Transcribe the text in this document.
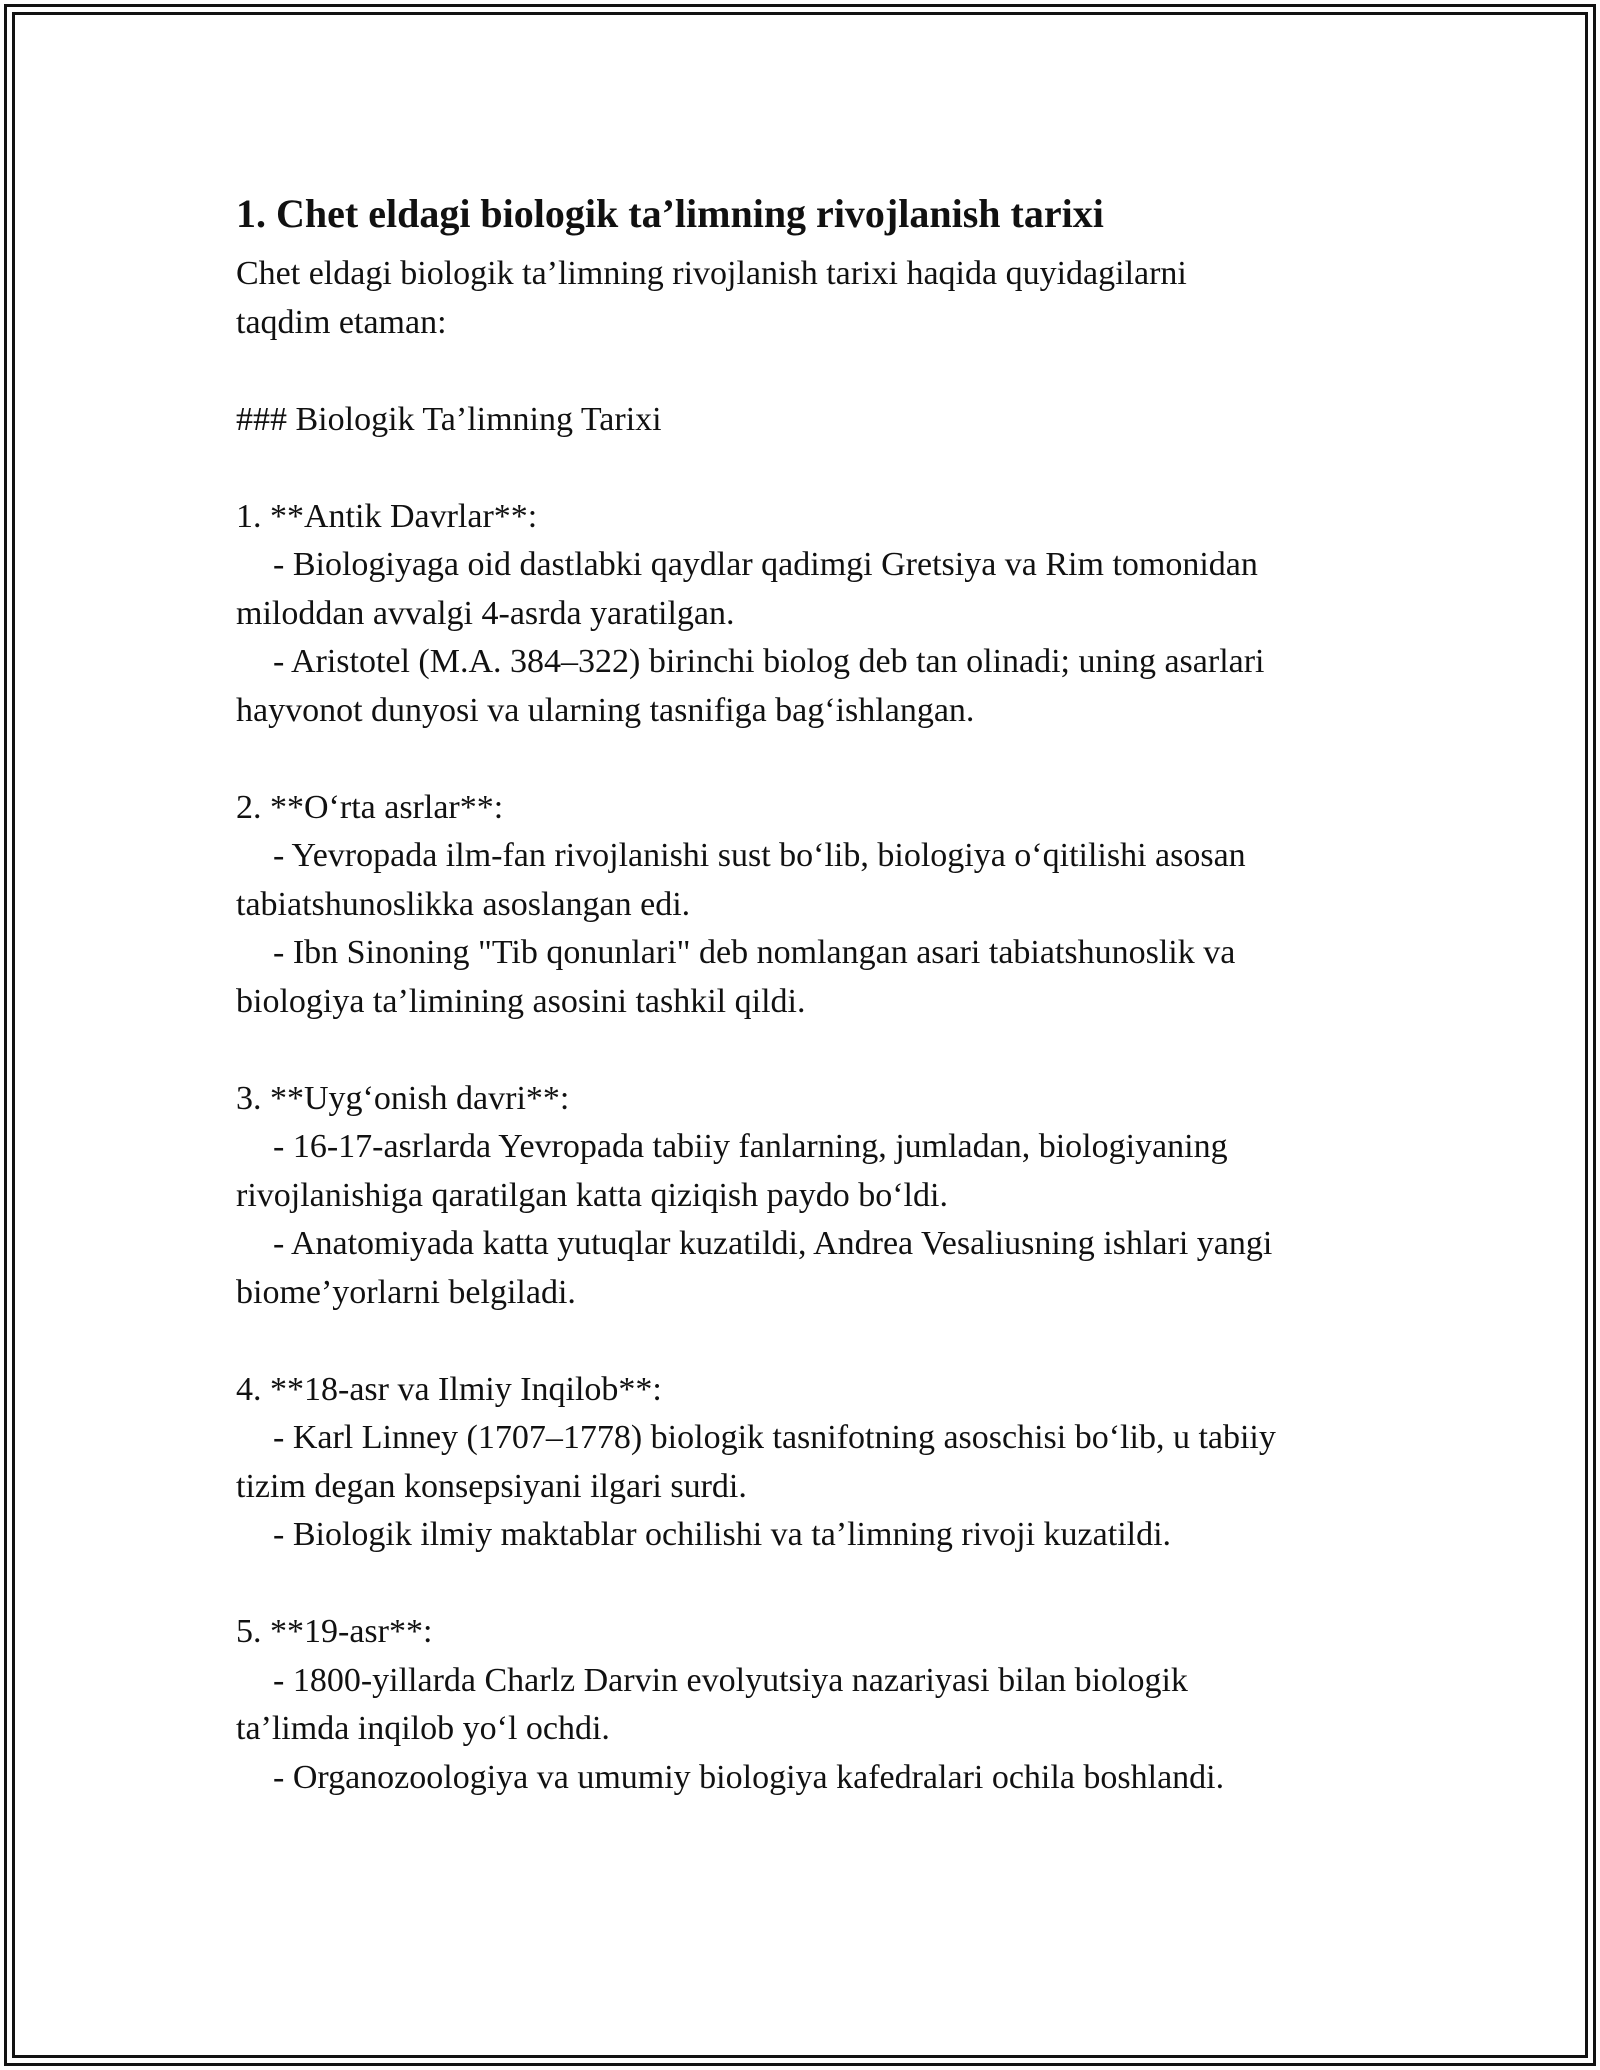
1. Chet eldagi biologik ta’limning rivojlanish tarixi

Chet eldagi biologik ta’limning rivojlanish tarixi haqida quyidagilarni
taqdim etaman:

### Biologik Ta’limning Tarixi

1. **Antik Davrlar**:
- Biologiyaga oid dastlabki qaydlar qadimgi Gretsiya va Rim tomonidan
miloddan avvalgi 4-asrda yaratilgan.
- Aristotel (M.A. 384–322) birinchi biolog deb tan olinadi; uning asarlari
hayvonot dunyosi va ularning tasnifiga bag‘ishlangan.
2. **O‘rta asrlar**:
- Yevropada ilm-fan rivojlanishi sust bo‘lib, biologiya o‘qitilishi asosan
tabiatshunoslikka asoslangan edi.
- Ibn Sinoning "Tib qonunlari" deb nomlangan asari tabiatshunoslik va
biologiya ta’limining asosini tashkil qildi.
3. **Uyg‘onish davri**:
- 16-17-asrlarda Yevropada tabiiy fanlarning, jumladan, biologiyaning
rivojlanishiga qaratilgan katta qiziqish paydo bo‘ldi.
- Anatomiyada katta yutuqlar kuzatildi, Andrea Vesaliusning ishlari yangi
biome’yorlarni belgiladi.
4. **18-asr va Ilmiy Inqilob**:
- Karl Linney (1707–1778) biologik tasnifotning asoschisi bo‘lib, u tabiiy
tizim degan konsepsiyani ilgari surdi.
- Biologik ilmiy maktablar ochilishi va ta’limning rivoji kuzatildi.
5. **19-asr**:
- 1800-yillarda Charlz Darvin evolyutsiya nazariyasi bilan biologik
ta’limda inqilob yo‘l ochdi.
- Organozoologiya va umumiy biologiya kafedralari ochila boshlandi.
